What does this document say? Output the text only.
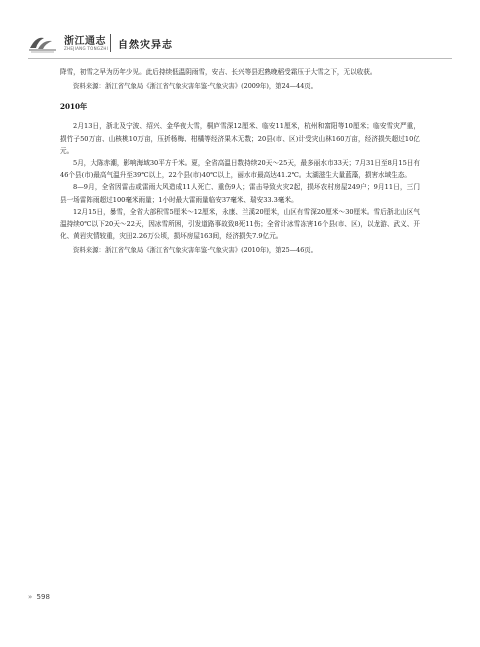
浙江通志
ZHEJIANG TONGZHI 自然灾异志

降雪，初雪之早为历年少见。此后持续低温阴雨雪，安吉、长兴等县迟熟晚稻受霜压于大雪之下，无以收获。

资料来源：浙江省气象局《浙江省气象灾害年鉴·气象灾害》(2009年)，第24—44页。

2010年

2月13日，浙北及宁波、绍兴、金华夜大雪，桐庐雪深12厘米、临安11厘米，杭州和富阳等10厘米；临安雪灾严重，损竹子50万亩、山核桃10万亩，压折杨梅、柑橘等经济果木无数；20县(市、区)计受灾山林160万亩，经济损失超过10亿元。

5月，大陈赤潮，影响海域30平方千米。夏，全省高温日数持续20天～25天，最多丽水市33天；7月31日至8月15日有46个县(市)最高气温升至39℃以上，22个县(市)40℃以上，丽水市最高达41.2℃。太湖滋生大量蓝藻，损害水域生态。

8—9月，全省因雷击或雷雨大风造成11人死亡、重伤9人；雷击导致火灾2起，损坏农村房屋249户；9月11日，三门县一场雷阵雨超过100毫米雨量；1小时最大雷雨量临安37毫米、瑞安33.3毫米。

12月15日，暴雪，全省大部积雪5厘米～12厘米，永康、兰溪20厘米，山区有雪深20厘米～30厘米。雪后浙北山区气温持续0℃以下20天～22天，因冰雪所困，引发道路事故致8死11伤；全省计冰雪冻害16个县(市、区)，以龙游、武义、开化、黄岩灾情较重，灾田2.26万公顷，损坏房屋163间，经济损失7.9亿元。

资料来源：浙江省气象局《浙江省气象灾害年鉴·气象灾害》(2010年)，第25—46页。

» 598
